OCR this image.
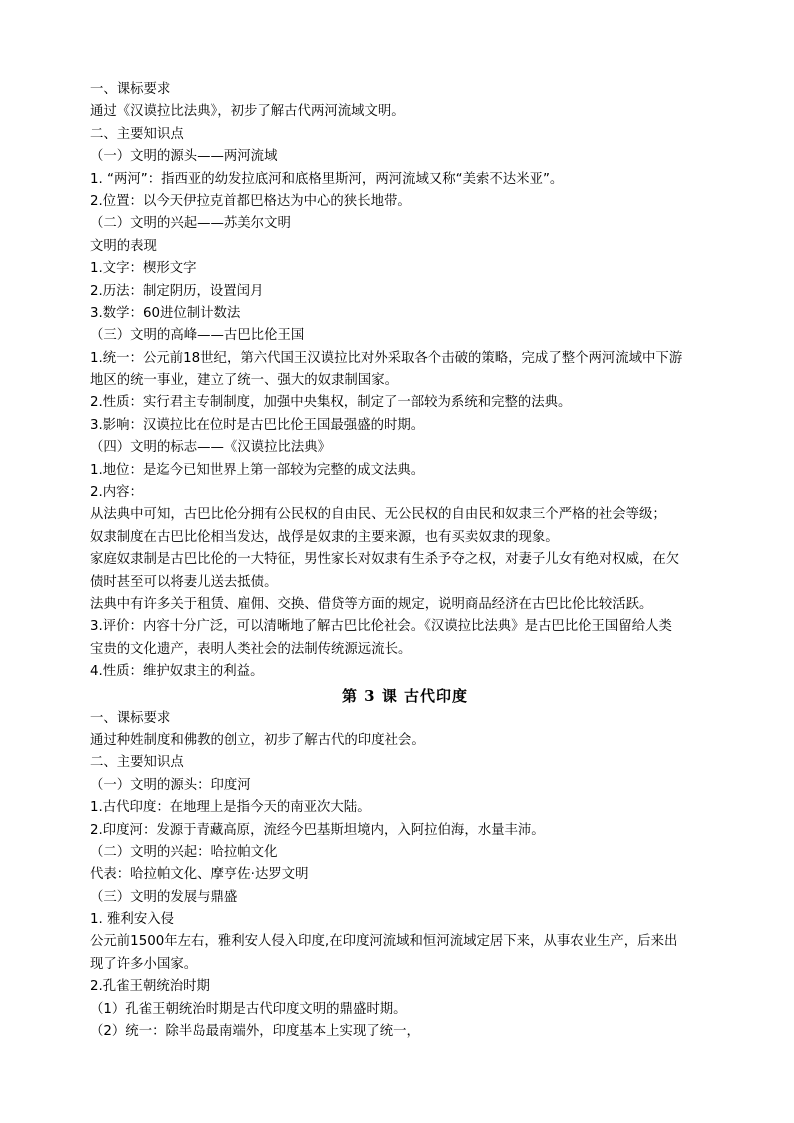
一、课标要求
通过《汉谟拉比法典》，初步了解古代两河流域文明。
二、主要知识点
（一）文明的源头——两河流域
1. “两河”：指西亚的幼发拉底河和底格里斯河，两河流域又称“美索不达米亚”。
2.位置：以今天伊拉克首都巴格达为中心的狭长地带。
（二）文明的兴起——苏美尔文明
文明的表现
1.文字：楔形文字
2.历法：制定阴历，设置闰月
3.数学：60进位制计数法
（三）文明的高峰——古巴比伦王国
1.统一：公元前18世纪，第六代国王汉谟拉比对外采取各个击破的策略，完成了整个两河流域中下游
地区的统一事业，建立了统一、强大的奴隶制国家。
2.性质：实行君主专制制度，加强中央集权，制定了一部较为系统和完整的法典。
3.影响：汉谟拉比在位时是古巴比伦王国最强盛的时期。
（四）文明的标志——《汉谟拉比法典》
1.地位：是迄今已知世界上第一部较为完整的成文法典。
2.内容：
从法典中可知，古巴比伦分拥有公民权的自由民、无公民权的自由民和奴隶三个严格的社会等级；
奴隶制度在古巴比伦相当发达，战俘是奴隶的主要来源，也有买卖奴隶的现象。
家庭奴隶制是古巴比伦的一大特征，男性家长对奴隶有生杀予夺之权，对妻子儿女有绝对权威，在欠
债时甚至可以将妻儿送去抵债。
法典中有许多关于租赁、雇佣、交换、借贷等方面的规定，说明商品经济在古巴比伦比较活跃。
3.评价：内容十分广泛，可以清晰地了解古巴比伦社会。《汉谟拉比法典》是古巴比伦王国留给人类
宝贵的文化遗产，表明人类社会的法制传统源远流长。
4.性质：维护奴隶主的利益。
第 3 课 古代印度
一、课标要求
通过种姓制度和佛教的创立，初步了解古代的印度社会。
二、主要知识点
（一）文明的源头：印度河
1.古代印度：在地理上是指今天的南亚次大陆。
2.印度河：发源于青藏高原，流经今巴基斯坦境内，入阿拉伯海，水量丰沛。
（二）文明的兴起：哈拉帕文化
代表：哈拉帕文化、摩亨佐·达罗文明
（三）文明的发展与鼎盛
1. 雅利安入侵
公元前1500年左右，雅利安人侵入印度,在印度河流域和恒河流域定居下来，从事农业生产，后来出
现了许多小国家。
2.孔雀王朝统治时期
（1）孔雀王朝统治时期是古代印度文明的鼎盛时期。
（2）统一：除半岛最南端外，印度基本上实现了统一，
